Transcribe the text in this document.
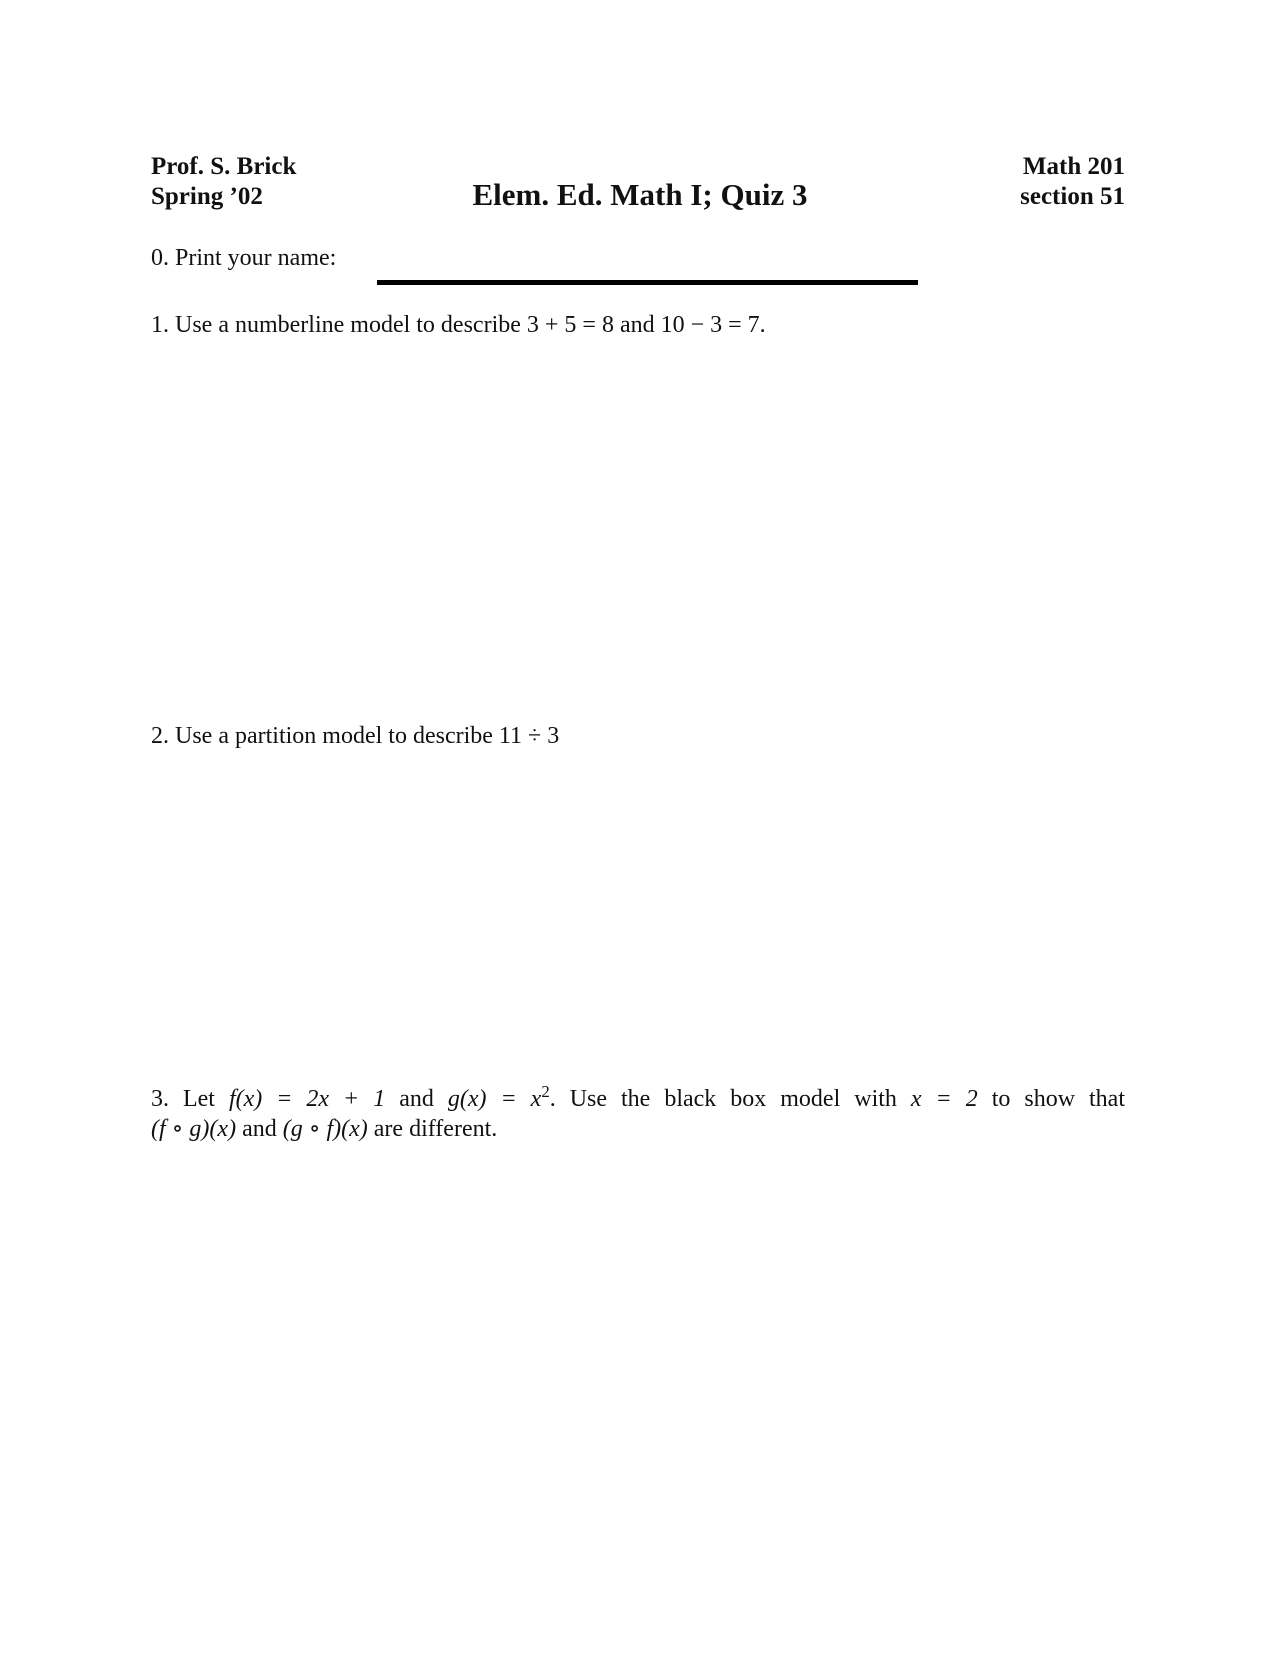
Prof. S. Brick
Spring ’02	Elem. Ed. Math I; Quiz 3
Math 201
section 51
0. Print your name:
1. Use a numberline model to describe 3 + 5 = 8 and 10 − 3 = 7.
2. Use a partition model to describe 11 ÷ 3
3. Let f(x) = 2x + 1 and $g(x) = x^2$. Use the black box model with x = 2 to show that
(f ∘ g)(x) and (g ∘ f)(x) are different.
